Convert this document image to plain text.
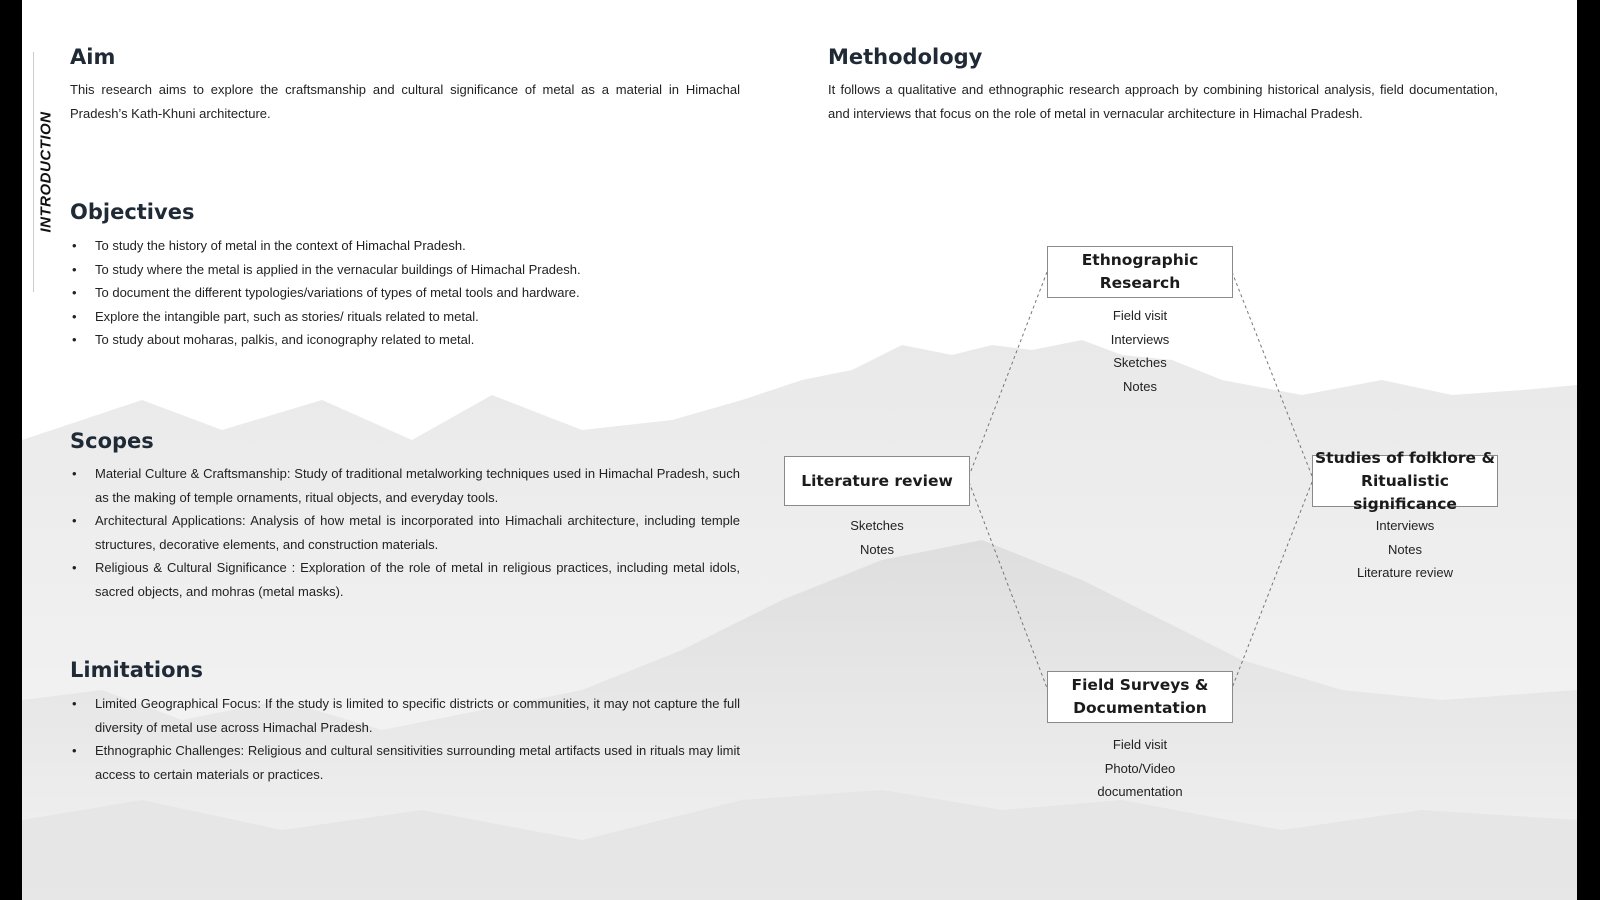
INTRODUCTION
Aim

This research aims to explore the craftsmanship and cultural significance of metal as a material in Himachal Pradesh’s Kath-Khuni architecture.

Methodology

It follows a qualitative and ethnographic research approach by combining historical analysis, field documentation, and interviews that focus on the role of metal in vernacular architecture in Himachal Pradesh.

Objectives
• To study the history of metal in the context of Himachal Pradesh.
• To study where the metal is applied in the vernacular buildings of Himachal Pradesh.
• To document the different typologies/variations of types of metal tools and hardware.
• Explore the intangible part, such as stories/ rituals related to metal.
• To study about moharas, palkis, and iconography related to metal.
Scopes
• Material Culture & Craftsmanship: Study of traditional metalworking techniques used in Himachal Pradesh, such as the making of temple ornaments, ritual objects, and everyday tools.
• Architectural Applications: Analysis of how metal is incorporated into Himachali architecture, including temple structures, decorative elements, and construction materials.
• Religious & Cultural Significance : Exploration of the role of metal in religious practices, including metal idols, sacred objects, and mohras (metal masks).
Limitations
• Limited Geographical Focus: If the study is limited to specific districts or communities, it may not capture the full diversity of metal use across Himachal Pradesh.
• Ethnographic Challenges: Religious and cultural sensitivities surrounding metal artifacts used in rituals may limit access to certain materials or practices.
Ethnographic
Research
Field visit
Interviews
Sketches
Notes
Literature review
Sketches
Notes
Studies of folklore &
Ritualistic significance
Interviews
Notes
Literature review
Field Surveys &
Documentation
Field visit
Photo/Video
documentation
